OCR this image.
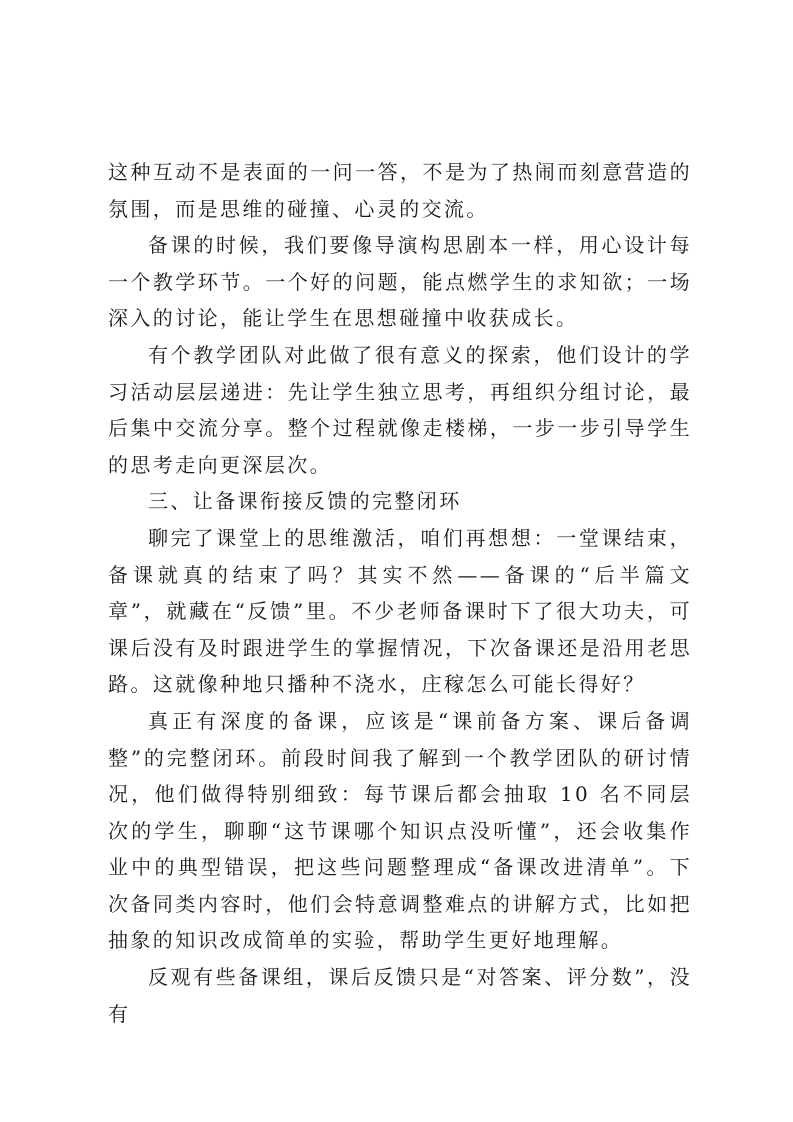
这种互动不是表面的一问一答，不是为了热闹而刻意营造的氛围，而是思维的碰撞、心灵的交流。

备课的时候，我们要像导演构思剧本一样，用心设计每一个教学环节。一个好的问题，能点燃学生的求知欲；一场深入的讨论，能让学生在思想碰撞中收获成长。

有个教学团队对此做了很有意义的探索，他们设计的学习活动层层递进：先让学生独立思考，再组织分组讨论，最后集中交流分享。整个过程就像走楼梯，一步一步引导学生的思考走向更深层次。

三、让备课衔接反馈的完整闭环

聊完了课堂上的思维激活，咱们再想想：一堂课结束，备课就真的结束了吗？其实不然——备课的“后半篇文章”，就藏在“反馈”里。不少老师备课时下了很大功夫，可课后没有及时跟进学生的掌握情况，下次备课还是沿用老思路。这就像种地只播种不浇水，庄稼怎么可能长得好？

真正有深度的备课，应该是“课前备方案、课后备调整”的完整闭环。前段时间我了解到一个教学团队的研讨情况，他们做得特别细致：每节课后都会抽取 10 名不同层次的学生，聊聊“这节课哪个知识点没听懂”，还会收集作业中的典型错误，把这些问题整理成“备课改进清单”。下次备同类内容时，他们会特意调整难点的讲解方式，比如把抽象的知识改成简单的实验，帮助学生更好地理解。

反观有些备课组，课后反馈只是“对答案、评分数”，没有
